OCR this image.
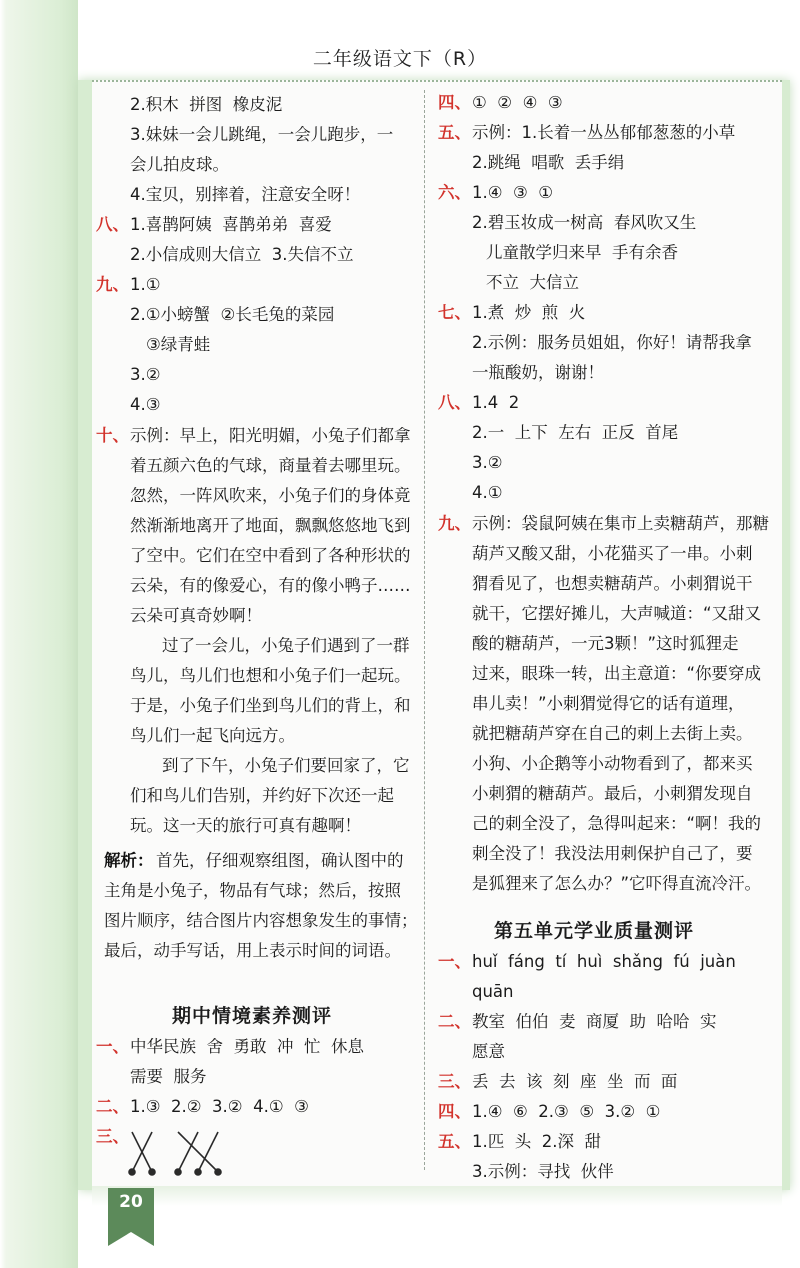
二年级语文下（R）
2.积木  拼图  橡皮泥
3.妹妹一会儿跳绳，一会儿跑步，一
会儿拍皮球。
4.宝贝，别摔着，注意安全呀！
八、 1.喜鹊阿姨  喜鹊弟弟  喜爱
2.小信成则大信立  3.失信不立
九、 1.①
2.①小螃蟹  ②长毛兔的菜园
③绿青蛙
3.②
4.③
十、 示例：早上，阳光明媚，小兔子们都拿
着五颜六色的气球，商量着去哪里玩。
忽然，一阵风吹来，小兔子们的身体竟
然渐渐地离开了地面，飘飘悠悠地飞到
了空中。它们在空中看到了各种形状的
云朵，有的像爱心，有的像小鸭子……
云朵可真奇妙啊！
过了一会儿，小兔子们遇到了一群
鸟儿，鸟儿们也想和小兔子们一起玩。
于是，小兔子们坐到鸟儿们的背上，和
鸟儿们一起飞向远方。
到了下午，小兔子们要回家了，它
们和鸟儿们告别，并约好下次还一起
玩。这一天的旅行可真有趣啊！
解析： 首先，仔细观察组图，确认图中的
主角是小兔子，物品有气球；然后，按照
图片顺序，结合图片内容想象发生的事情；
最后，动手写话，用上表示时间的词语。
期中情境素养测评
一、 中华民族  舍  勇敢  冲  忙  休息
需要  服务
二、 1.③  2.②  3.②  4.①  ③
三、
四、 ①  ②  ④  ③
五、 示例：1.长着一丛丛郁郁葱葱的小草
2.跳绳  唱歌  丢手绢
六、 1.④  ③  ①
2.碧玉妆成一树高  春风吹又生
儿童散学归来早  手有余香
不立  大信立
七、 1.煮  炒  煎  火
2.示例：服务员姐姐，你好！请帮我拿
一瓶酸奶，谢谢！
八、 1.4  2
2.一  上下  左右  正反  首尾
3.②
4.①
九、 示例：袋鼠阿姨在集市上卖糖葫芦，那糖
葫芦又酸又甜，小花猫买了一串。小刺
猬看见了，也想卖糖葫芦。小刺猬说干
就干，它摆好摊儿，大声喊道：“又甜又
酸的糖葫芦，一元3颗！”这时狐狸走
过来，眼珠一转，出主意道：“你要穿成
串儿卖！”小刺猬觉得它的话有道理，
就把糖葫芦穿在自己的刺上去街上卖。
小狗、小企鹅等小动物看到了，都来买
小刺猬的糖葫芦。最后，小刺猬发现自
己的刺全没了，急得叫起来：“啊！我的
刺全没了！我没法用刺保护自己了，要
是狐狸来了怎么办？”它吓得直流冷汗。
第五单元学业质量测评
一、 huǐ  fáng  tí  huì  shǎng  fú  juàn
quān
二、 教室  伯伯  麦  商厦  助  哈哈  实
愿意
三、 丢  去  该  刻  座  坐  而  面
四、 1.④  ⑥  2.③  ⑤  3.②  ①
五、 1.匹  头  2.深  甜
3.示例：寻找  伙伴
20
